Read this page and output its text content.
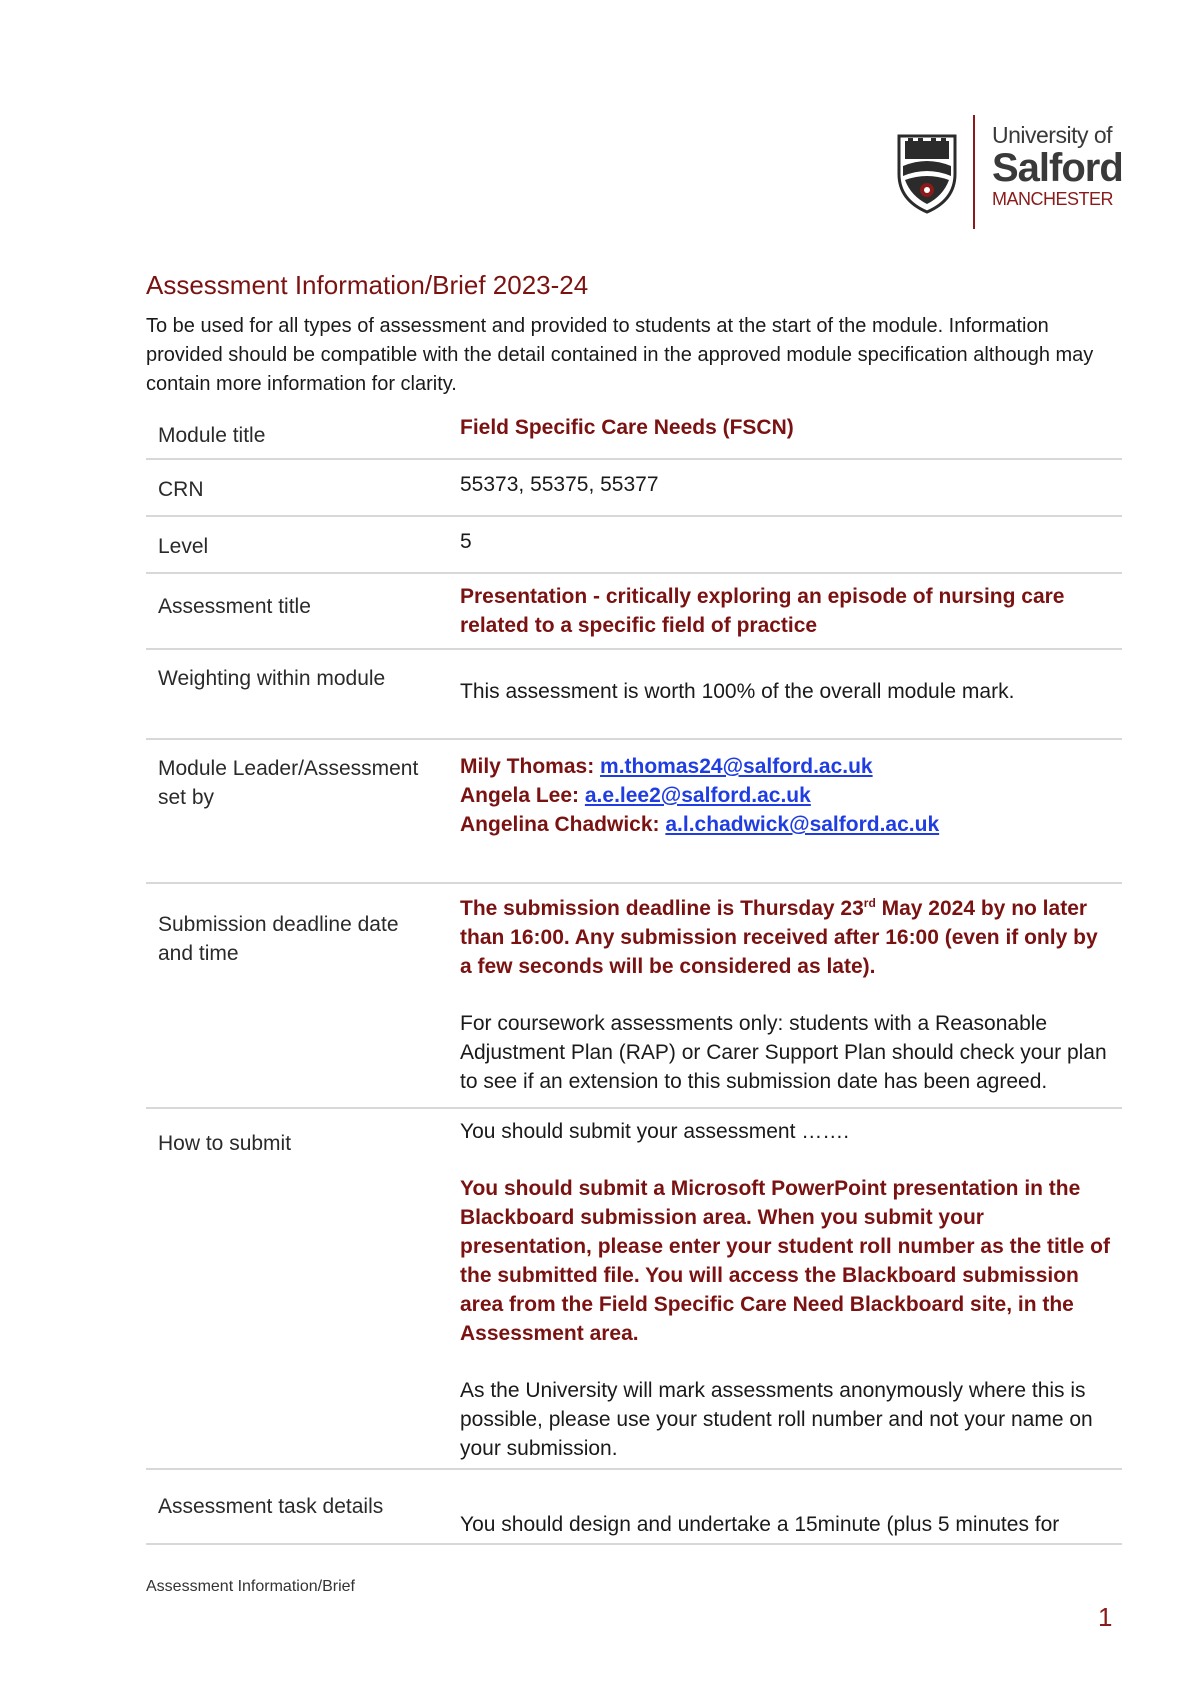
University of
Salford
MANCHESTER
Assessment Information/Brief 2023-24

To be used for all types of assessment and provided to students at the start of the module. Information provided should be compatible with the detail contained in the approved module specification although may contain more information for clarity.

Module title	Field Specific Care Needs (FSCN)
CRN	55373, 55375, 55377
Level	5
Assessment title	Presentation - critically exploring an episode of nursing care related to a specific field of practice
Weighting within module	This assessment is worth 100% of the overall module mark.
Module Leader/Assessment set by	Mily Thomas: m.thomas24@salford.ac.uk
Angela Lee: a.e.lee2@salford.ac.uk
Angelina Chadwick: a.l.chadwick@salford.ac.uk

Submission deadline date and time	The submission deadline is Thursday 23rd May 2024 by no later than 16:00. Any submission received after 16:00 (even if only by a few seconds will be considered as late).

For coursework assessments only: students with a Reasonable Adjustment Plan (RAP) or Carer Support Plan should check your plan to see if an extension to this submission date has been agreed.

How to submit	You should submit your assessment …….

You should submit a Microsoft PowerPoint presentation in the Blackboard submission area. When you submit your presentation, please enter your student roll number as the title of the submitted file. You will access the Blackboard submission area from the Field Specific Care Need Blackboard site, in the Assessment area.

As the University will mark assessments anonymously where this is possible, please use your student roll number and not your name on your submission.

Assessment task details	You should design and undertake a 15minute (plus 5 minutes for
Assessment Information/Brief
1
